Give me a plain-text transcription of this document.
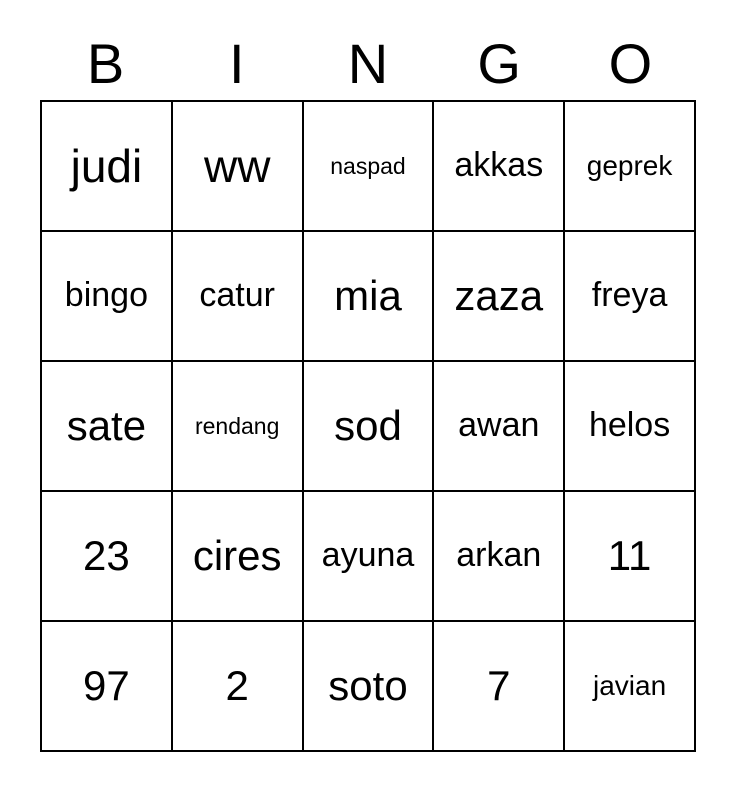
B	I	N	G	O
judi ww	naspad akkas geprek
bingo catur mia zaza freya
sate rendang sod awan helos
23 cires ayuna arkan 11
97 2 soto 7	javian
